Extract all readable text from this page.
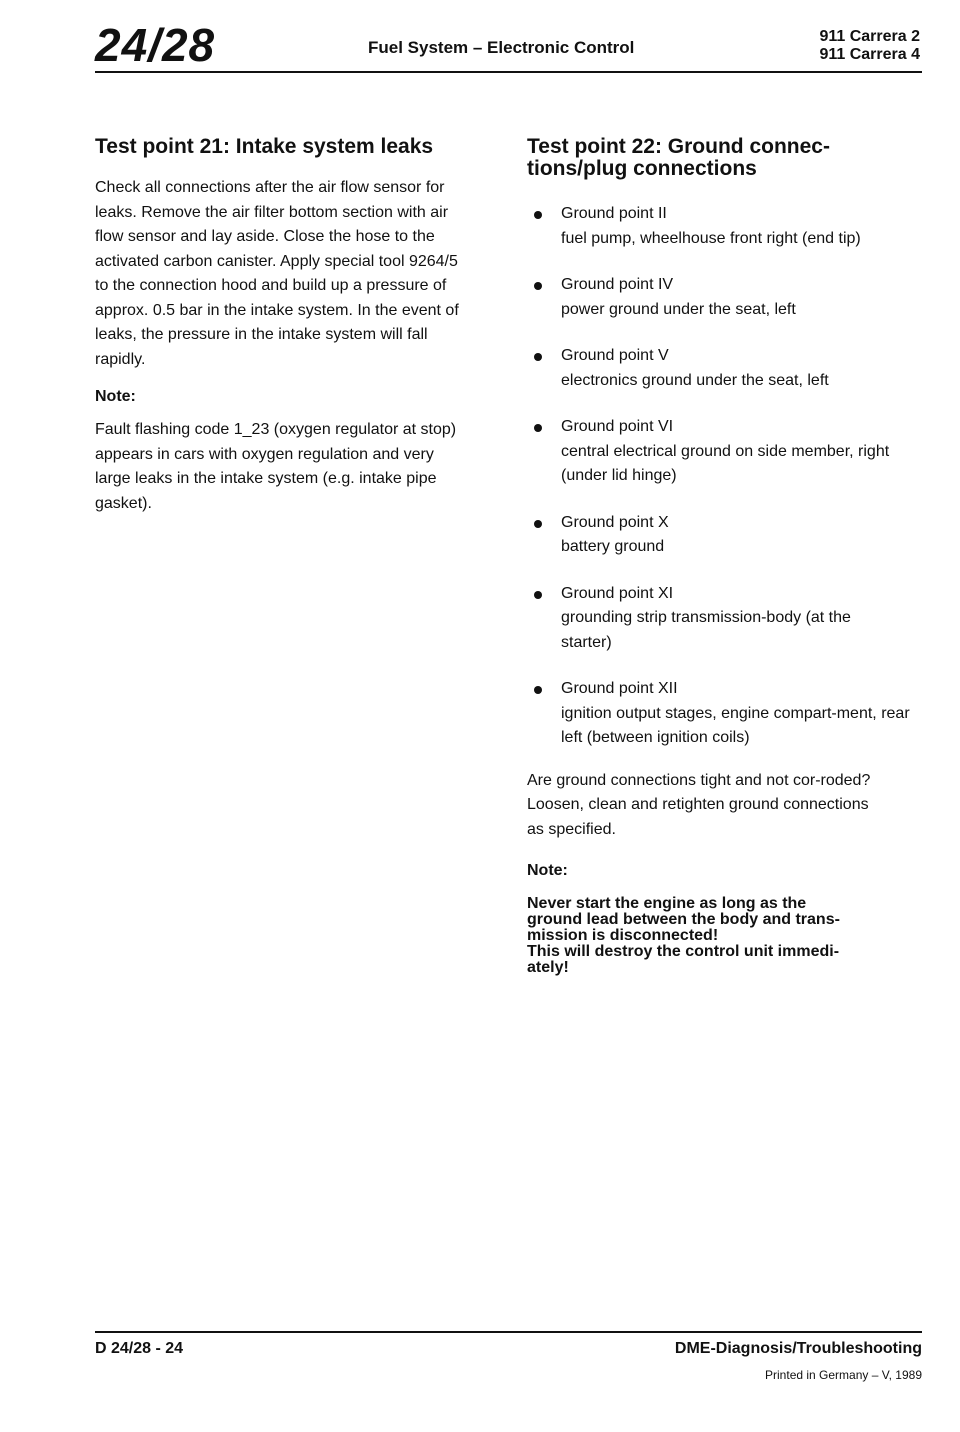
24/28	Fuel System – Electronic Control
911 Carrera 2
911 Carrera 4
Test point 21: Intake system leaks

Check all connections after the air flow sensor for leaks. Remove the air filter bottom section with air flow sensor and lay aside. Close the hose to the activated carbon canister. Apply special tool 9264/5 to the connection hood and build up a pressure of approx. 0.5 bar in the intake system. In the event of leaks, the pressure in the intake system will fall rapidly.

Note:

Fault flashing code 1_23 (oxygen regulator at stop) appears in cars with oxygen regulation and very large leaks in the intake system (e.g. intake pipe gasket).

Test point 22: Ground connec-tions/plug connections
Ground point II
fuel pump, wheelhouse front right (end tip)
Ground point IV
power ground under the seat, left
Ground point V
electronics ground under the seat, left
Ground point VI
central electrical ground on side member, right (under lid hinge)
Ground point X
battery ground
Ground point XI
grounding strip transmission-body (at the starter)
Ground point XII
ignition output stages, engine compart-ment, rear left (between ignition coils)

Are ground connections tight and not cor-roded? Loosen, clean and retighten ground connections as specified.

Note:

Never start the engine as long as the ground lead between the body and trans-mission is disconnected!

This will destroy the control unit immedi-ately!

D 24/28 - 24	DME-Diagnosis/Troubleshooting
Printed in Germany – V, 1989
